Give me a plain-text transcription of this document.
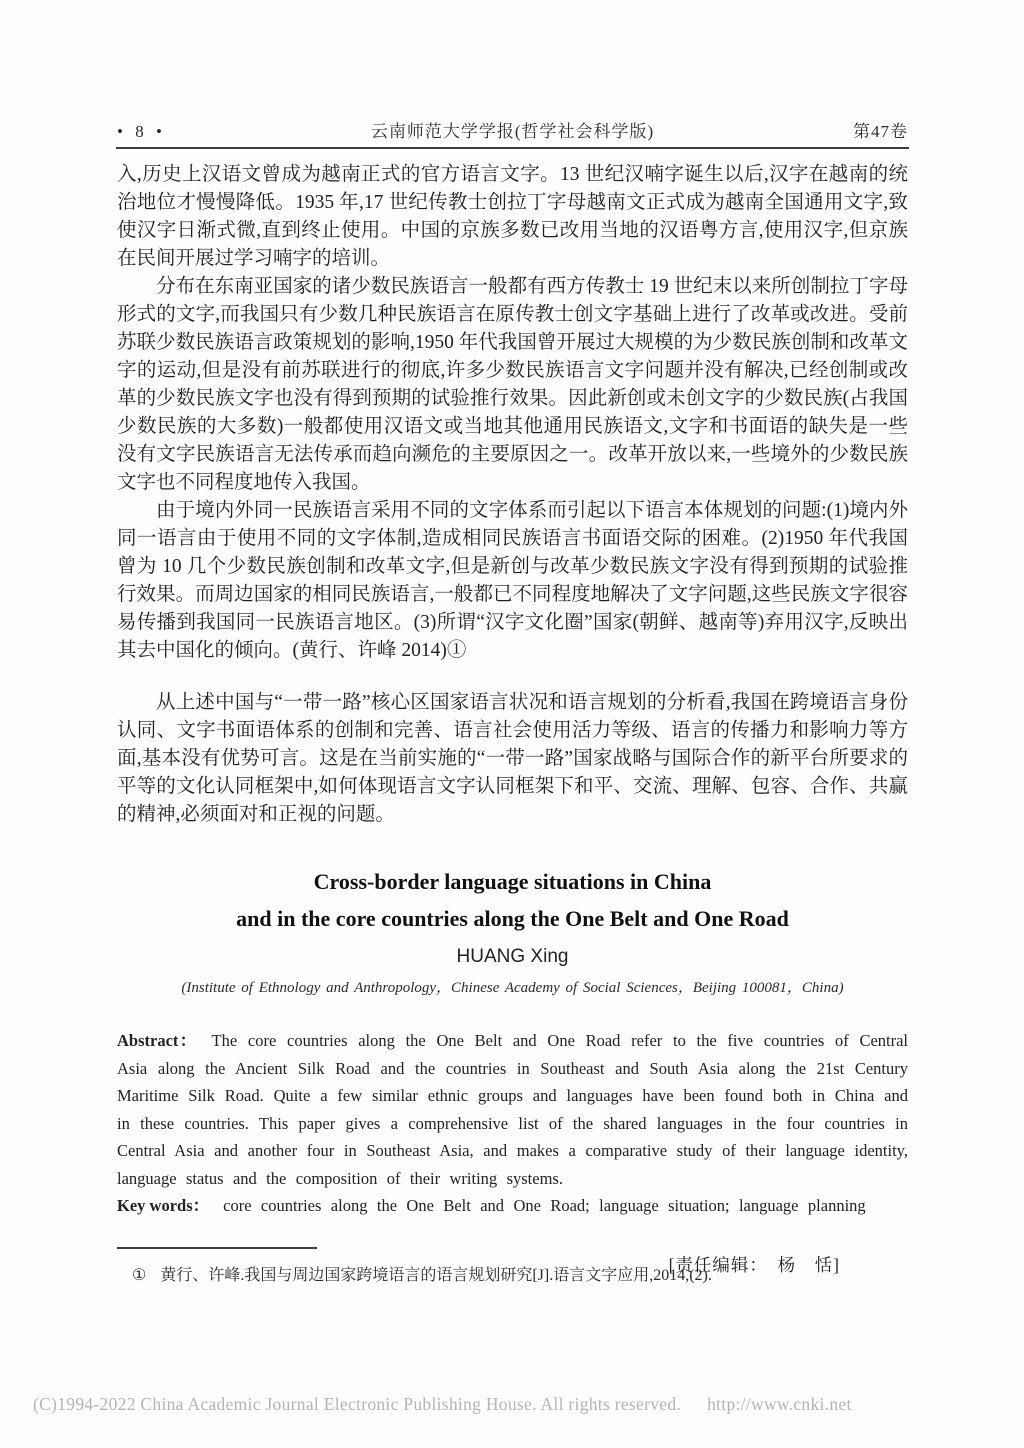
• 8 •	云南师范大学学报(哲学社会科学版)	第47卷

入,历史上汉语文曾成为越南正式的官方语言文字。13 世纪汉喃字诞生以后,汉字在越南的统治地位才慢慢降低。1935 年,17 世纪传教士创拉丁字母越南文正式成为越南全国通用文字,致使汉字日渐式微,直到终止使用。中国的京族多数已改用当地的汉语粤方言,使用汉字,但京族在民间开展过学习喃字的培训。

分布在东南亚国家的诸少数民族语言一般都有西方传教士 19 世纪末以来所创制拉丁字母形式的文字,而我国只有少数几种民族语言在原传教士创文字基础上进行了改革或改进。受前苏联少数民族语言政策规划的影响,1950 年代我国曾开展过大规模的为少数民族创制和改革文字的运动,但是没有前苏联进行的彻底,许多少数民族语言文字问题并没有解决,已经创制或改革的少数民族文字也没有得到预期的试验推行效果。因此新创或未创文字的少数民族(占我国少数民族的大多数)一般都使用汉语文或当地其他通用民族语文,文字和书面语的缺失是一些没有文字民族语言无法传承而趋向濒危的主要原因之一。改革开放以来,一些境外的少数民族文字也不同程度地传入我国。

由于境内外同一民族语言采用不同的文字体系而引起以下语言本体规划的问题:(1)境内外同一语言由于使用不同的文字体制,造成相同民族语言书面语交际的困难。(2)1950 年代我国曾为 10 几个少数民族创制和改革文字,但是新创与改革少数民族文字没有得到预期的试验推行效果。而周边国家的相同民族语言,一般都已不同程度地解决了文字问题,这些民族文字很容易传播到我国同一民族语言地区。(3)所谓“汉字文化圈”国家(朝鲜、越南等)弃用汉字,反映出其去中国化的倾向。(黄行、许峰 2014)①

从上述中国与“一带一路”核心区国家语言状况和语言规划的分析看,我国在跨境语言身份认同、文字书面语体系的创制和完善、语言社会使用活力等级、语言的传播力和影响力等方面,基本没有优势可言。这是在当前实施的“一带一路”国家战略与国际合作的新平台所要求的平等的文化认同框架中,如何体现语言文字认同框架下和平、交流、理解、包容、合作、共赢的精神,必须面对和正视的问题。

Cross-border language situations in China
and in the core countries along the One Belt and One Road
HUANG Xing
(Institute of Ethnology and Anthropology，Chinese Academy of Social Sciences，Beijing 100081，China)

Abstract： The core countries along the One Belt and One Road refer to the five countries of Central Asia along the Ancient Silk Road and the countries in Southeast and South Asia along the 21st Century Maritime Silk Road. Quite a few similar ethnic groups and languages have been found both in China and in these countries. This paper gives a comprehensive list of the shared languages in the four countries in Central Asia and another four in Southeast Asia, and makes a comparative study of their language identity, language status and the composition of their writing systems.

Key words： core countries along the One Belt and One Road; language situation; language planning

[责任编辑：　杨　恬]
① 黄行、许峰.我国与周边国家跨境语言的语言规划研究[J].语言文字应用,2014,(2).
(C)1994-2022 China Academic Journal Electronic Publishing House. All rights reserved. http://www.cnki.net
